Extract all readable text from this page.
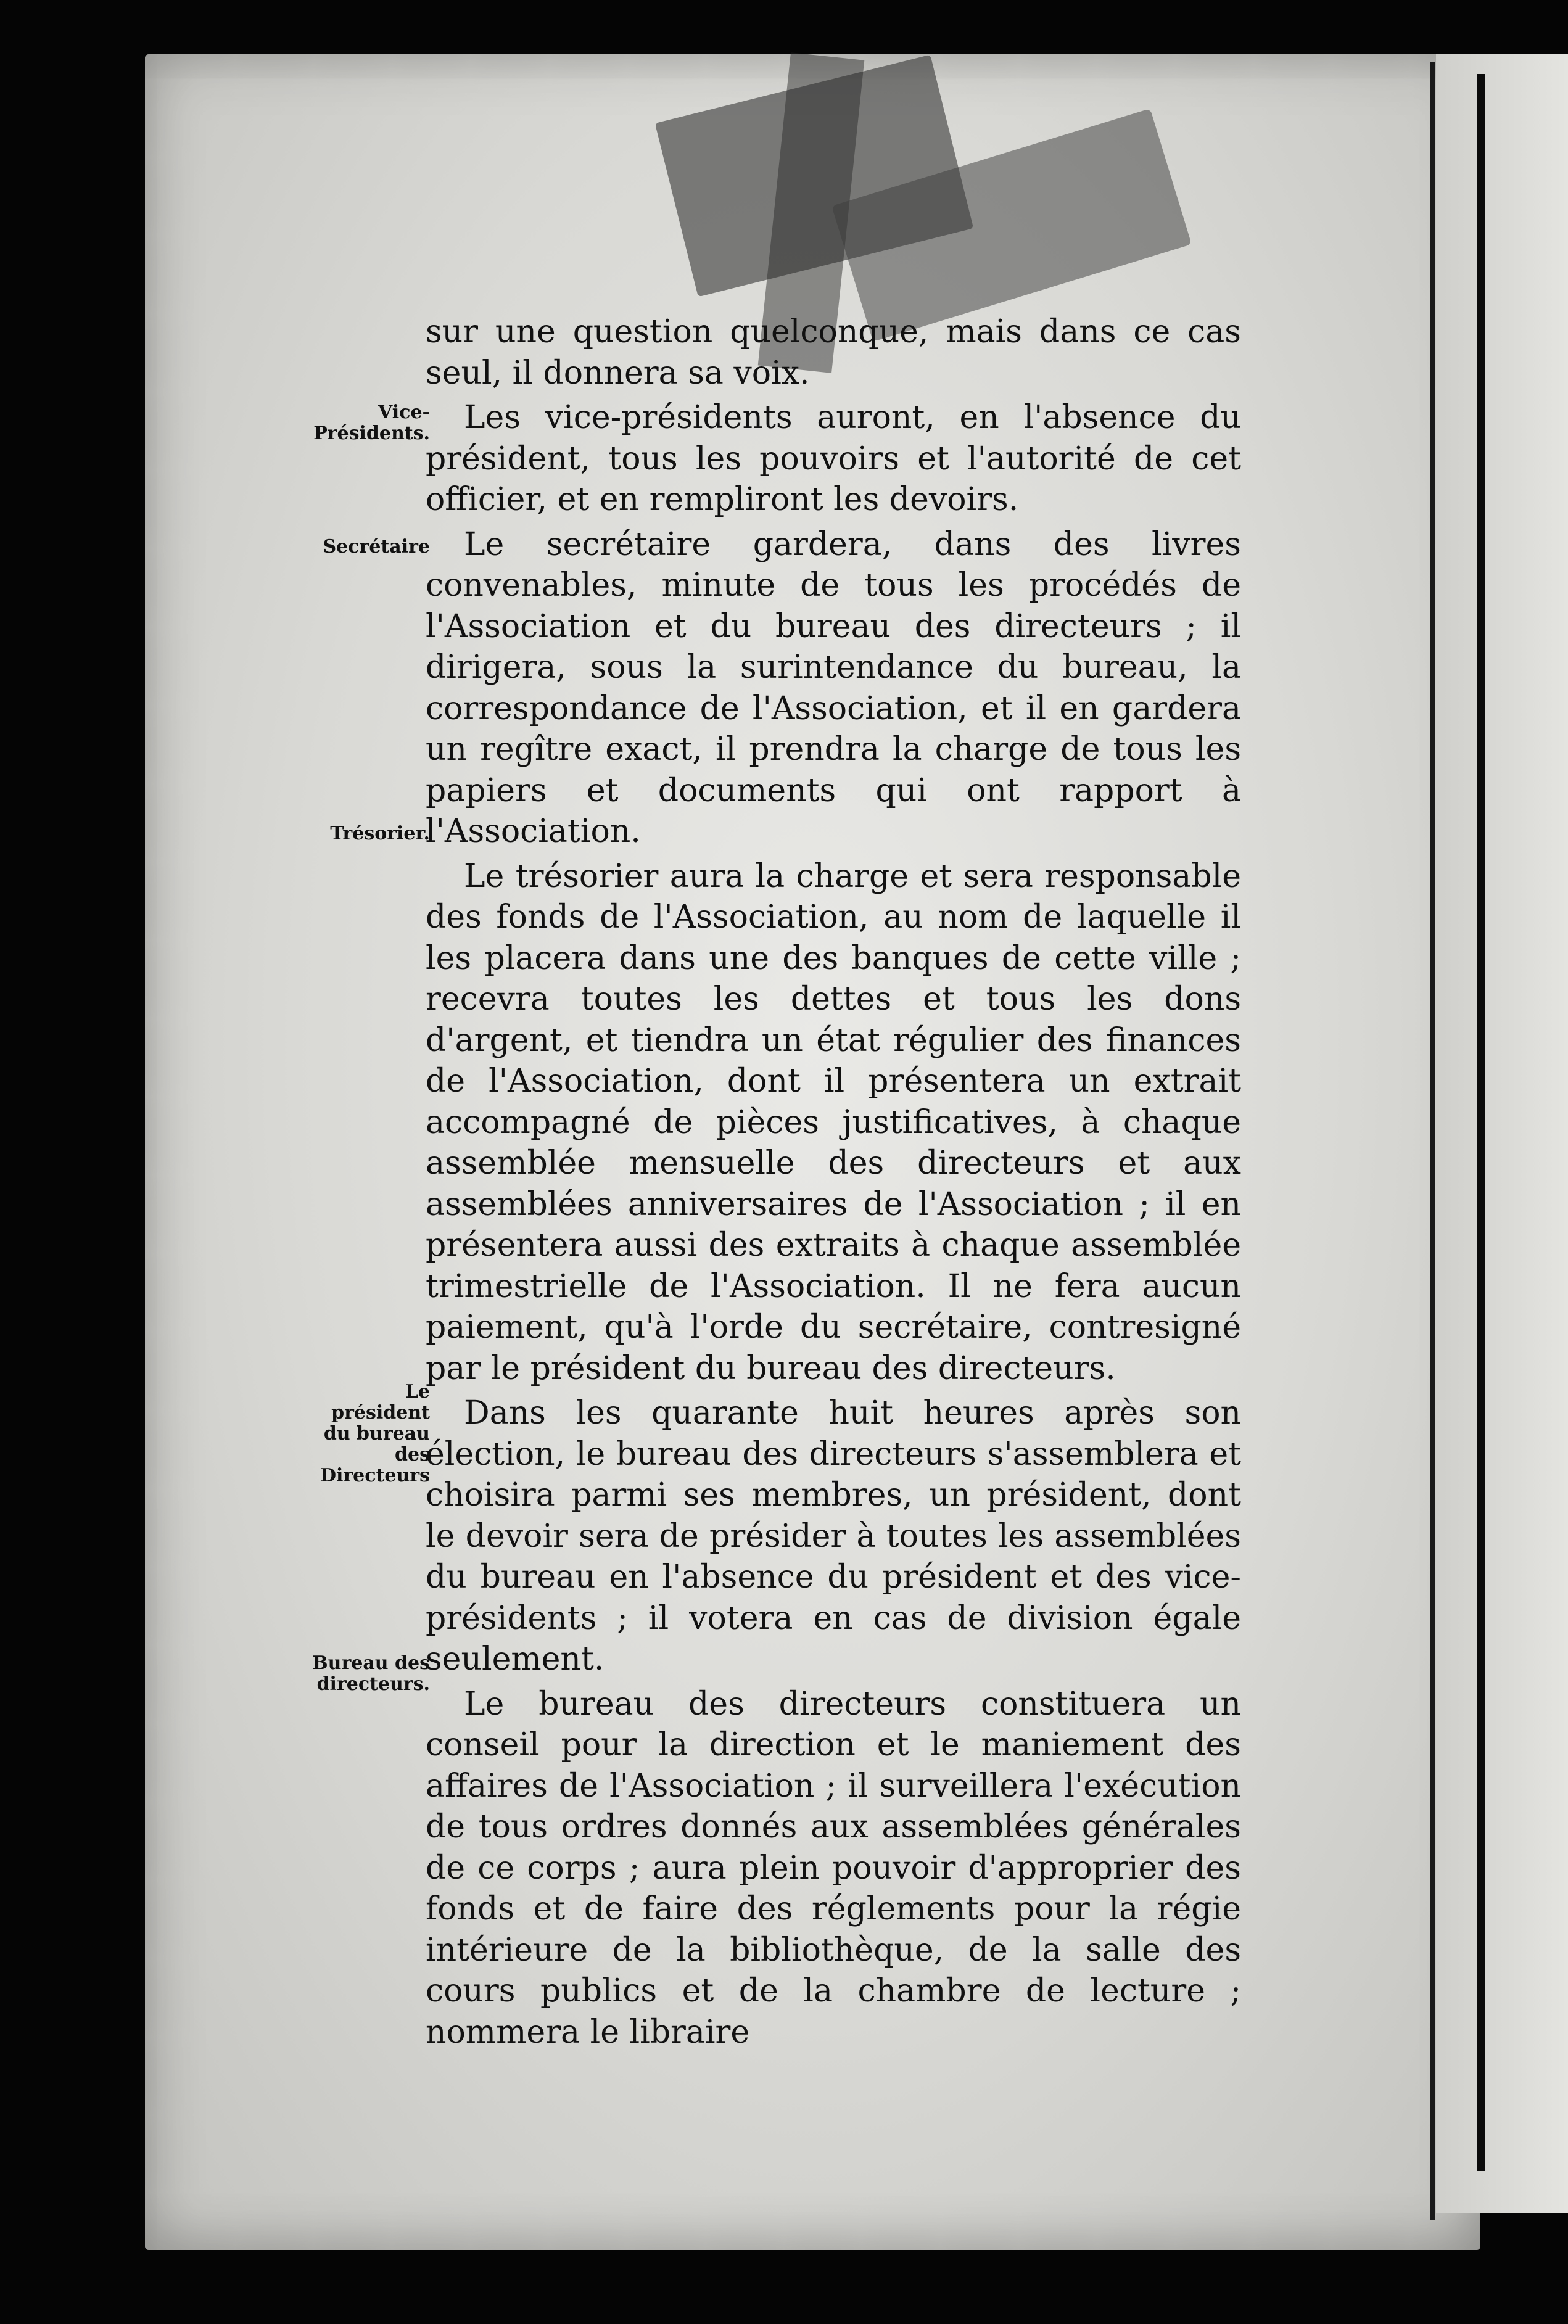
Vice-Présidents.
Secrétaire
Trésorier.
Le président du bureau des Directeurs
Bureau des directeurs.

sur une question quelconque, mais dans ce cas seul, il donnera sa voix.

Les vice-présidents auront, en l'absence du président, tous les pouvoirs et l'autorité de cet officier, et en rempliront les devoirs.

Le secrétaire gardera, dans des livres convenables, minute de tous les procédés de l'Association et du bureau des directeurs ; il dirigera, sous la surintendance du bureau, la correspondance de l'Association, et il en gardera un regître exact, il prendra la charge de tous les papiers et documents qui ont rapport à l'Association.

Le trésorier aura la charge et sera responsable des fonds de l'Association, au nom de laquelle il les placera dans une des banques de cette ville ; recevra toutes les dettes et tous les dons d'argent, et tiendra un état régulier des finances de l'Association, dont il présentera un extrait accompagné de pièces justificatives, à chaque assemblée mensuelle des directeurs et aux assemblées anniversaires de l'Association ; il en présentera aussi des extraits à chaque assemblée trimestrielle de l'Association. Il ne fera aucun paiement, qu'à l'orde du secrétaire, contresigné par le président du bureau des directeurs.

Dans les quarante huit heures après son élection, le bureau des directeurs s'assemblera et choisira parmi ses membres, un président, dont le devoir sera de présider à toutes les assemblées du bureau en l'absence du président et des vice-présidents ; il votera en cas de division égale seulement.

Le bureau des directeurs constituera un conseil pour la direction et le maniement des affaires de l'Association ; il surveillera l'exécution de tous ordres donnés aux assemblées générales de ce corps ; aura plein pouvoir d'approprier des fonds et de faire des réglements pour la régie intérieure de la bibliothèque, de la salle des cours publics et de la chambre de lecture ; nommera le libraire
